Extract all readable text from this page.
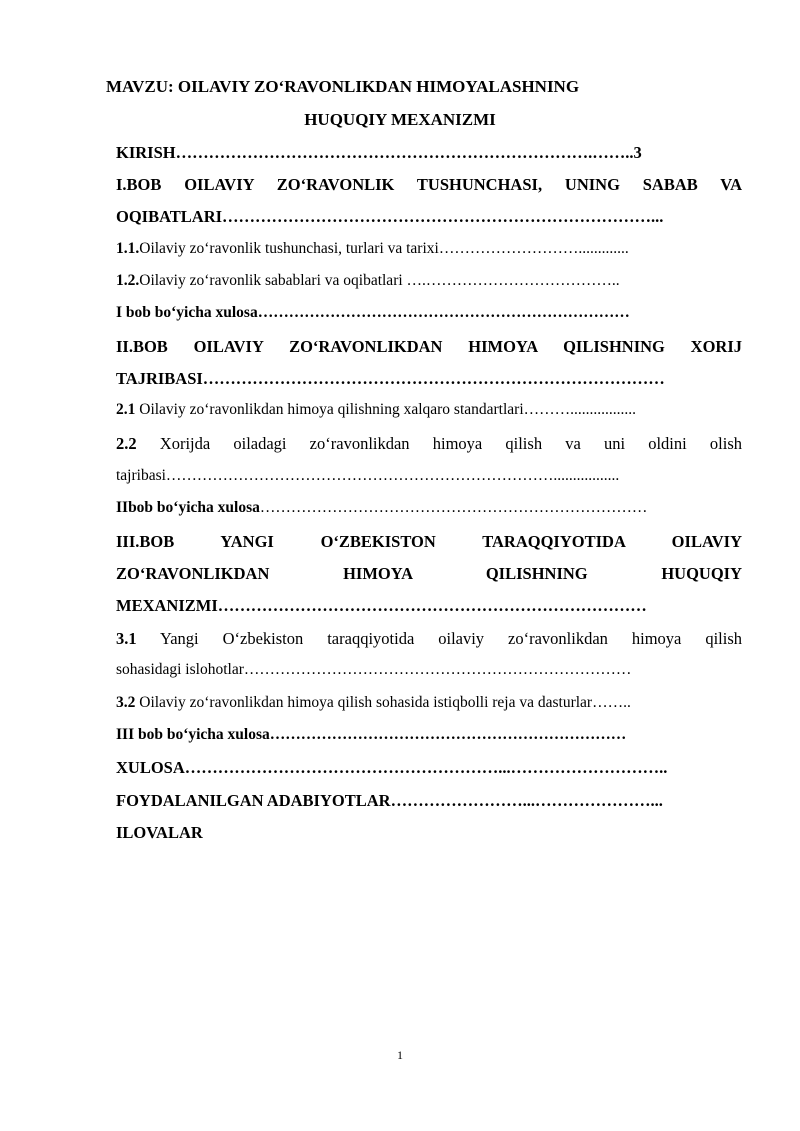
MAVZU: OILAVIY ZO‘RAVONLIKDAN HIMOYALASHNING
HUQUQIY MEXANIZMI
KIRISH………………………………………………………………….……..3
I.BOB OILAVIY ZO‘RAVONLIK TUSHUNCHASI, UNING SABAB VA
OQIBATLARI……………………………………………………………………...
1.1.Oilaviy zo‘ravonlik tushunchasi, turlari va tarixi……………………….............
1.2.Oilaviy zo‘ravonlik sabablari va oqibatlari ….………………………………..
I bob bo‘yicha xulosa………………………………………………………………
II.BOB OILAVIY ZO‘RAVONLIKDAN HIMOYA QILISHNING XORIJ
TAJRIBASI…………………………………………………………………………
2.1 Oilaviy zo‘ravonlikdan himoya qilishning xalqaro standartlari……….................
2.2 Xorijda oiladagi zo‘ravonlikdan himoya qilish va uni oldini olish
tajribasi………………………………………………………………….................
IIbob bo‘yicha xulosa…………………………………………………………………
III.BOB YANGI O‘ZBEKISTON TARAQQIYOTIDA OILAVIY
ZO‘RAVONLIKDAN HIMOYA QILISHNING HUQUQIY
MEXANIZMI……………………………………………………………………
3.1 Yangi O‘zbekiston taraqqiyotida oilaviy zo‘ravonlikdan himoya qilish
sohasidagi islohotlar…………………………………………………………………
3.2 Oilaviy zo‘ravonlikdan himoya qilish sohasida istiqbolli reja va dasturlar……..
III bob bo‘yicha xulosa……………………………………………………………
XULOSA…………………………………………………...………………………..
FOYDALANILGAN ADABIYOTLAR……………………...…………………...
ILOVALAR
1
